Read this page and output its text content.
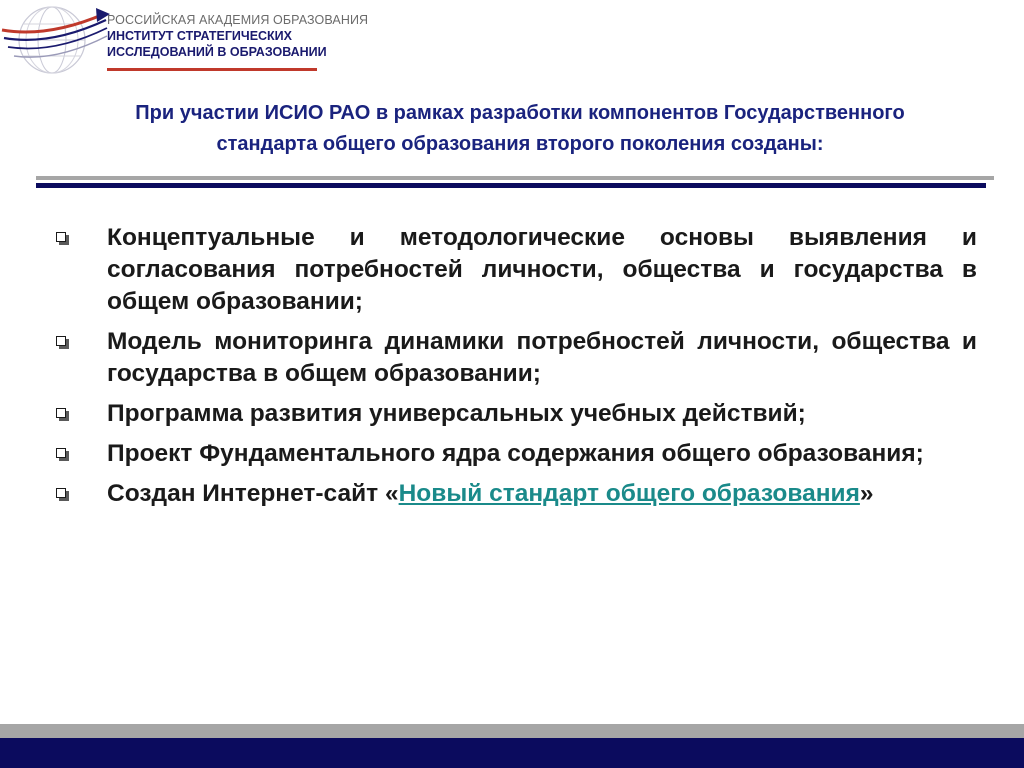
РОССИЙСКАЯ АКАДЕМИЯ ОБРАЗОВАНИЯ
ИНСТИТУТ СТРАТЕГИЧЕСКИХ
ИССЛЕДОВАНИЙ В ОБРАЗОВАНИИ
При участии ИСИО РАО в рамках разработки компонентов Государственного
стандарта общего образования второго поколения созданы:
Концептуальные и методологические основы выявления и согласования потребностей личности, общества и государства в общем образовании;
Модель мониторинга динамики потребностей личности, общества и государства в общем образовании;
Программа развития универсальных учебных действий;
Проект Фундаментального ядра содержания общего образования;
Создан Интернет-сайт «Новый стандарт общего образования»
